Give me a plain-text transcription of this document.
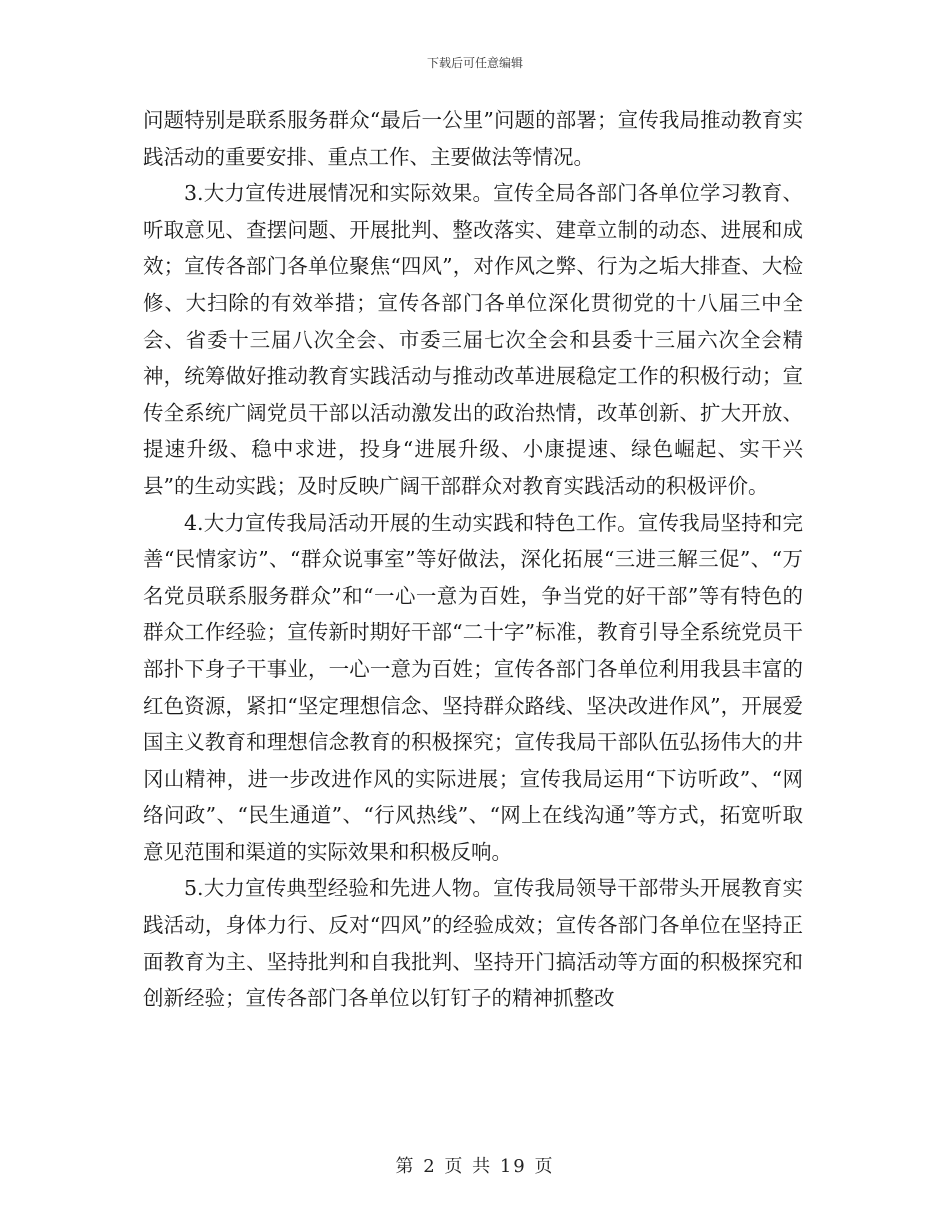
下载后可任意编辑

问题特别是联系服务群众“最后一公里”问题的部署；宣传我局推动教育实践活动的重要安排、重点工作、主要做法等情况。

3.大力宣传进展情况和实际效果。宣传全局各部门各单位学习教育、听取意见、查摆问题、开展批判、整改落实、建章立制的动态、进展和成效；宣传各部门各单位聚焦“四风”，对作风之弊、行为之垢大排查、大检修、大扫除的有效举措；宣传各部门各单位深化贯彻党的十八届三中全会、省委十三届八次全会、市委三届七次全会和县委十三届六次全会精神，统筹做好推动教育实践活动与推动改革进展稳定工作的积极行动；宣传全系统广阔党员干部以活动激发出的政治热情，改革创新、扩大开放、提速升级、稳中求进，投身“进展升级、小康提速、绿色崛起、实干兴县”的生动实践；及时反映广阔干部群众对教育实践活动的积极评价。

4.大力宣传我局活动开展的生动实践和特色工作。宣传我局坚持和完善“民情家访”、“群众说事室”等好做法，深化拓展“三进三解三促”、“万名党员联系服务群众”和“一心一意为百姓，争当党的好干部”等有特色的群众工作经验；宣传新时期好干部“二十字”标准，教育引导全系统党员干部扑下身子干事业，一心一意为百姓；宣传各部门各单位利用我县丰富的红色资源，紧扣“坚定理想信念、坚持群众路线、坚决改进作风”，开展爱国主义教育和理想信念教育的积极探究；宣传我局干部队伍弘扬伟大的井冈山精神，进一步改进作风的实际进展；宣传我局运用“下访听政”、“网络问政”、“民生通道”、“行风热线”、“网上在线沟通”等方式，拓宽听取意见范围和渠道的实际效果和积极反响。

5.大力宣传典型经验和先进人物。宣传我局领导干部带头开展教育实践活动，身体力行、反对“四风”的经验成效；宣传各部门各单位在坚持正面教育为主、坚持批判和自我批判、坚持开门搞活动等方面的积极探究和创新经验；宣传各部门各单位以钉钉子的精神抓整改

第 2 页 共 19 页
